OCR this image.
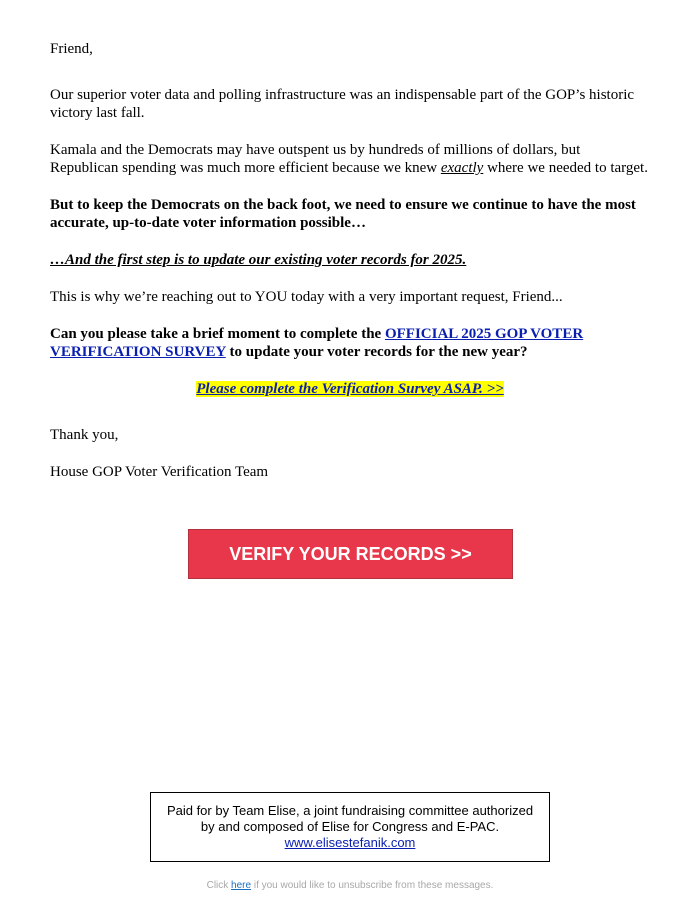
Friend,

Our superior voter data and polling infrastructure was an indispensable part of the GOP’s historic victory last fall.

Kamala and the Democrats may have outspent us by hundreds of millions of dollars, but Republican spending was much more efficient because we knew exactly where we needed to target.

But to keep the Democrats on the back foot, we need to ensure we continue to have the most accurate, up-to-date voter information possible…

…And the first step is to update our existing voter records for 2025.

This is why we’re reaching out to YOU today with a very important request, Friend...

Can you please take a brief moment to complete the OFFICIAL 2025 GOP VOTER VERIFICATION SURVEY to update your voter records for the new year?

Please complete the Verification Survey ASAP. >>

Thank you,

House GOP Voter Verification Team

VERIFY YOUR RECORDS >>
Paid for by Team Elise, a joint fundraising committee authorized by and composed of Elise for Congress and E-PAC. www.elisestefanik.com
Click here if you would like to unsubscribe from these messages.
